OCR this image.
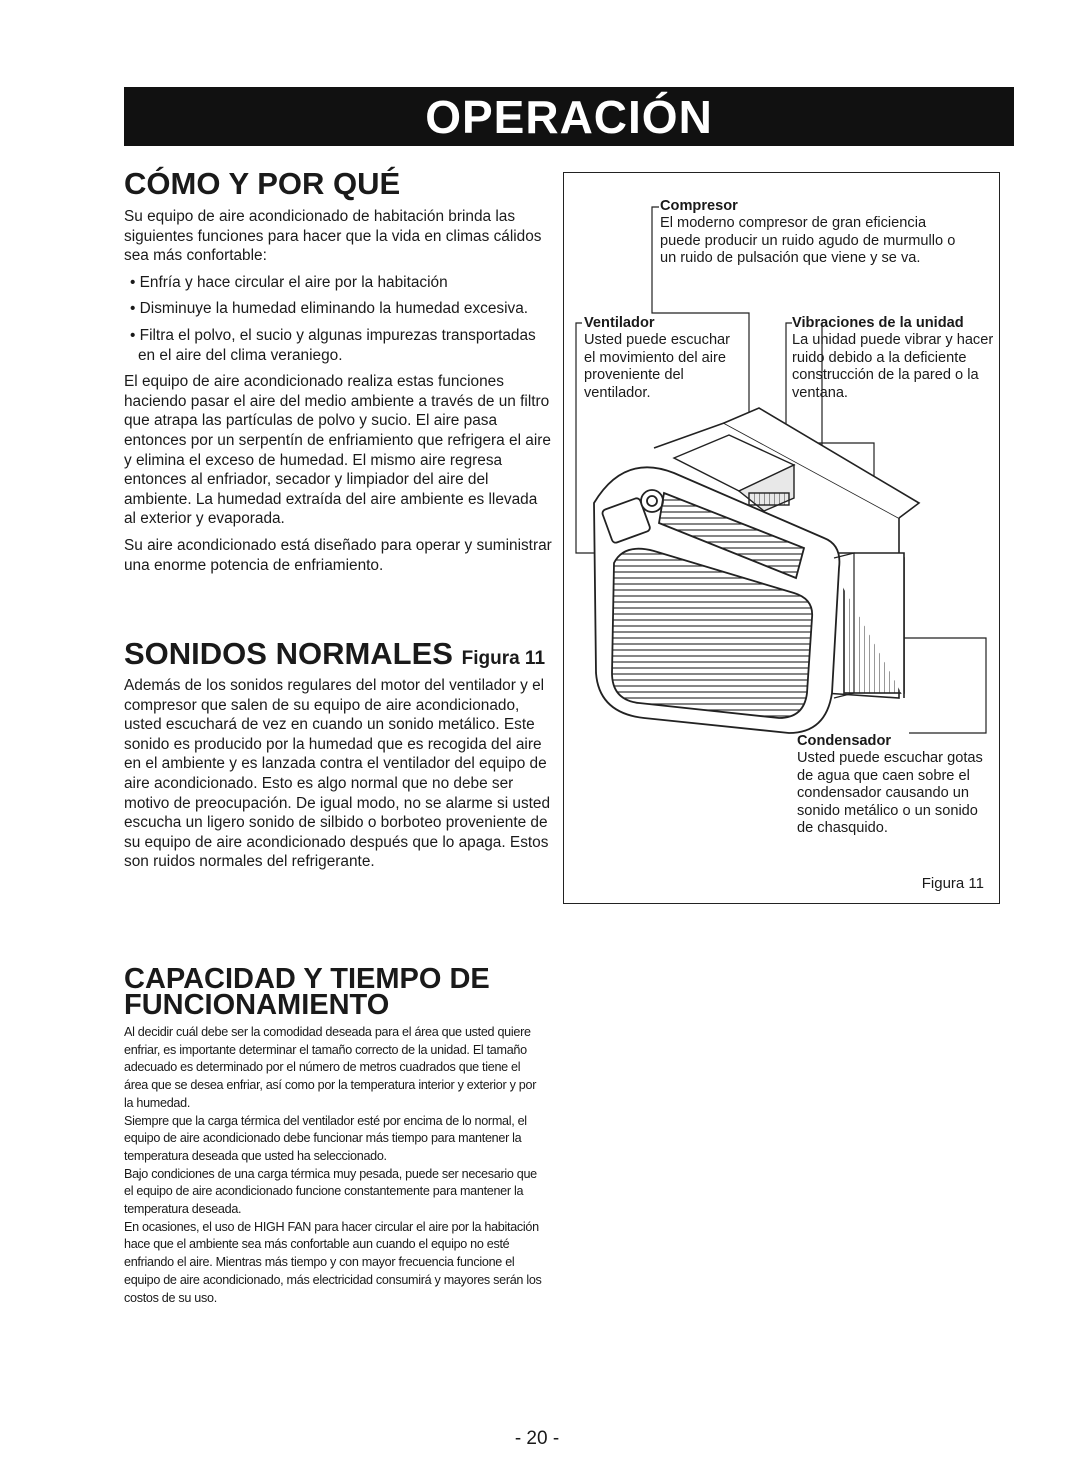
OPERACIÓN
CÓMO Y POR QUÉ

Su equipo de aire acondicionado de habitación brinda las siguientes funciones para hacer que la vida en climas cálidos sea más confortable:

• Enfría y hace circular el aire por la habitación

• Disminuye la humedad eliminando la humedad excesiva.

• Filtra el polvo, el sucio y algunas impurezas transportadas en el aire del clima veraniego.

El equipo de aire acondicionado realiza estas funciones haciendo pasar el aire del medio ambiente a través de un filtro que atrapa las partículas de polvo y sucio. El aire pasa entonces por un serpentín de enfriamiento que refrigera el aire y elimina el exceso de humedad. El mismo aire regresa entonces al enfriador, secador y limpiador del aire del ambiente. La humedad extraída del aire ambiente es llevada al exterior y evaporada.

Su aire acondicionado está diseñado para operar y suministrar una enorme potencia de enfriamiento.

SONIDOS NORMALES Figura 11

Además de los sonidos regulares del motor del ventilador y el compresor que salen de su equipo de aire acondicionado, usted escuchará de vez en cuando un sonido metálico. Este sonido es producido por la humedad que es recogida del aire en el ambiente y es lanzada contra el ventilador del equipo de aire acondicionado. Esto es algo normal que no debe ser motivo de preocupación. De igual modo, no se alarme si usted escucha un ligero sonido de silbido o borboteo proveniente de su equipo de aire acondicionado después que lo apaga. Estos son ruidos normales del refrigerante.

CAPACIDAD Y TIEMPO DE
FUNCIONAMIENTO

Al decidir cuál debe ser la comodidad deseada para el área que usted quiere enfriar, es importante determinar el tamaño correcto de la unidad. El tamaño adecuado es determinado por el número de metros cuadrados que tiene el área que se desea enfriar, así como por la temperatura interior y exterior y por la humedad.

Siempre que la carga térmica del ventilador esté por encima de lo normal, el equipo de aire acondicionado debe funcionar más tiempo para mantener la temperatura deseada que usted ha seleccionado.

Bajo condiciones de una carga térmica muy pesada, puede ser necesario que el equipo de aire acondicionado funcione constantemente para mantener la temperatura deseada.

En ocasiones, el uso de HIGH FAN para hacer circular el aire por la habitación hace que el ambiente sea más confortable aun cuando el equipo no esté enfriando el aire. Mientras más tiempo y con mayor frecuencia funcione el equipo de aire acondicionado, más electricidad consumirá y mayores serán los costos de su uso.

Compresor
El moderno compresor de gran eficiencia puede producir un ruido agudo de murmullo o un ruido de pulsación que viene y se va.
Ventilador
Usted puede escuchar el movimiento del aire proveniente del ventilador.
Vibraciones de la unidad
La unidad puede vibrar y hacer ruido debido a la deficiente construcción de la pared o la ventana.
Condensador
Usted puede escuchar gotas de agua que caen sobre el condensador causando un sonido metálico o un sonido de chasquido.
Figura 11
- 20 -
